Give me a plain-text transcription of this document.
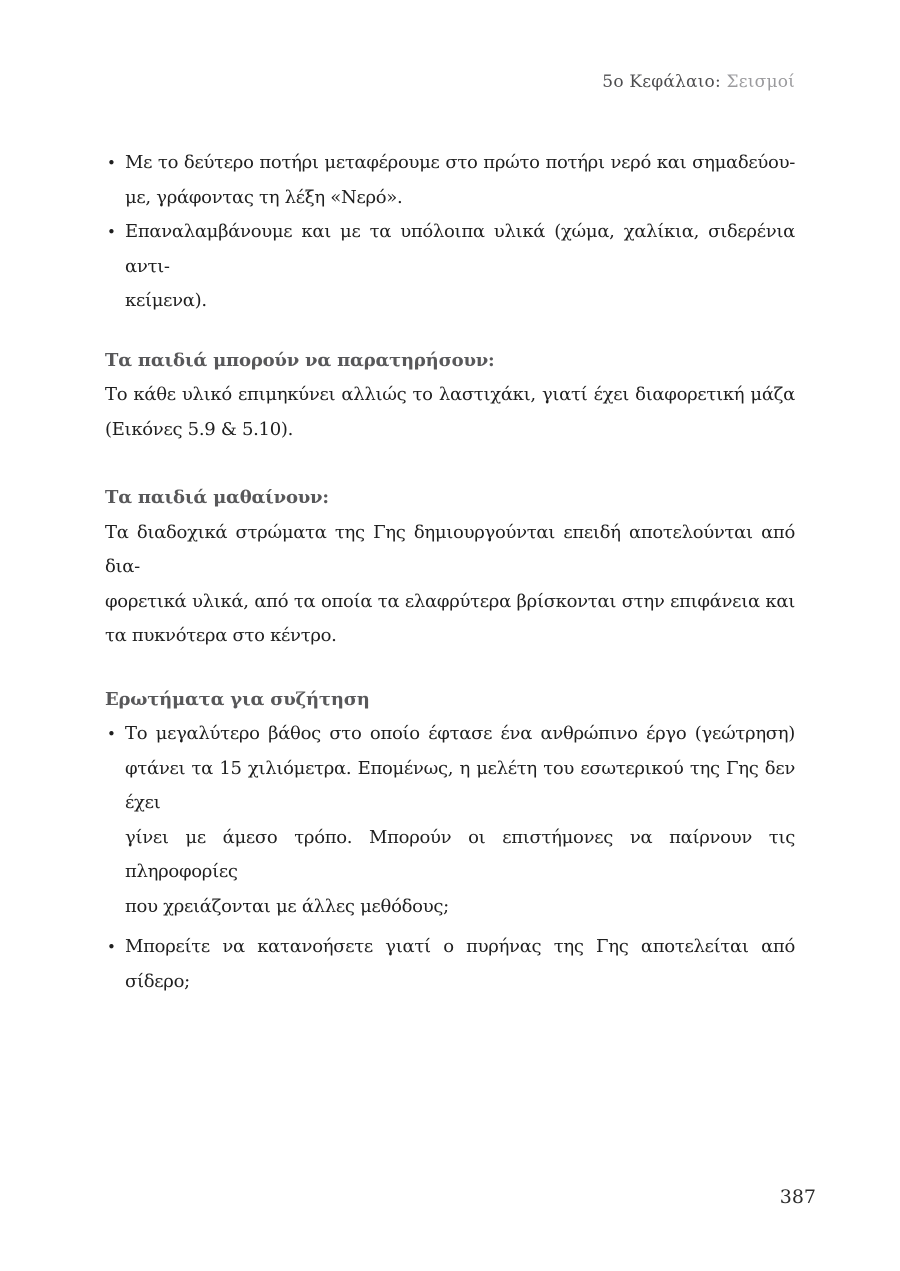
5ο Κεφάλαιο: Σεισμοί
• Με το δεύτερο ποτήρι μεταφέρουμε στο πρώτο ποτήρι νερό και σημαδεύου-
με, γράφοντας τη λέξη «Νερό».
• Επαναλαμβάνουμε και με τα υπόλοιπα υλικά (χώμα, χαλίκια, σιδερένια αντι-
κείμενα).
Τα παιδιά μπορούν να παρατηρήσουν:
Το κάθε υλικό επιμηκύνει αλλιώς το λαστιχάκι, γιατί έχει διαφορετική μάζα
(Εικόνες 5.9 & 5.10).
Τα παιδιά μαθαίνουν:
Τα διαδοχικά στρώματα της Γης δημιουργούνται επειδή αποτελούνται από δια-
φορετικά υλικά, από τα οποία τα ελαφρύτερα βρίσκονται στην επιφάνεια και
τα πυκνότερα στο κέντρο.
Ερωτήματα για συζήτηση
• Το μεγαλύτερο βάθος στο οποίο έφτασε ένα ανθρώπινο έργο (γεώτρηση)
φτάνει τα 15 χιλιόμετρα. Επομένως, η μελέτη του εσωτερικού της Γης δεν έχει
γίνει με άμεσο τρόπο. Μπορούν οι επιστήμονες να παίρνουν τις πληροφορίες
που χρειάζονται με άλλες μεθόδους;
• Μπορείτε να κατανοήσετε γιατί ο πυρήνας της Γης αποτελείται από σίδερο;
387
